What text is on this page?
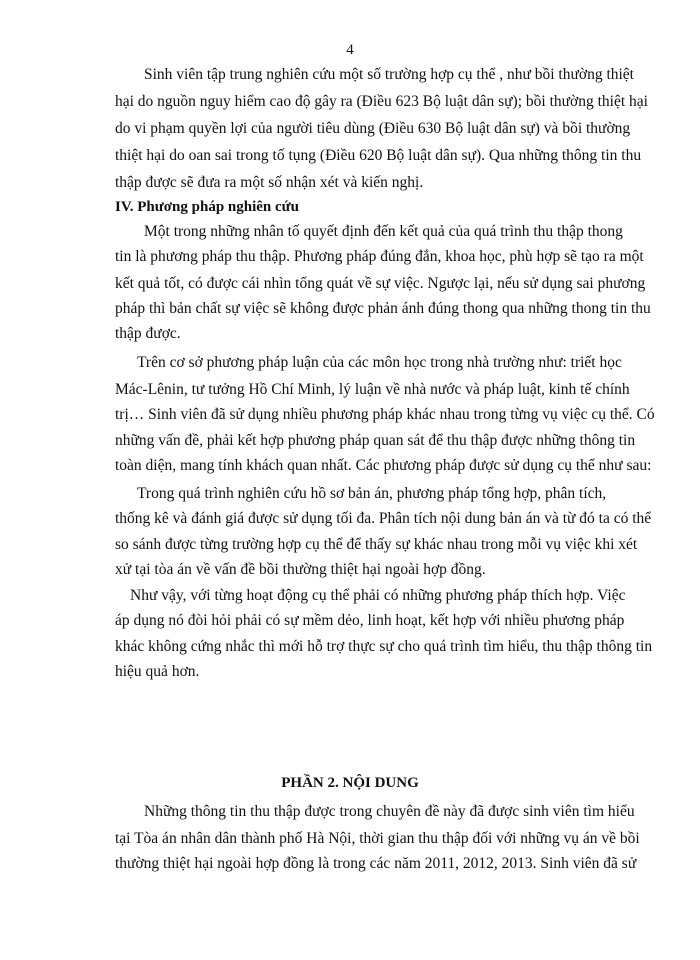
4
Sinh viên tập trung nghiên cứu một số trường hợp cụ thể , như bồi thường thiệt
hại do nguồn nguy hiểm cao độ gây ra (Điều 623 Bộ luật dân sự); bồi thường thiệt hại
do vi phạm quyền lợi của người tiêu dùng (Điều 630 Bộ luật dân sự) và bồi thường
thiệt hại do oan sai trong tố tụng (Điều 620 Bộ luật dân sự). Qua những thông tin thu
thập được sẽ đưa ra một số nhận xét và kiến nghị.
IV. Phương pháp nghiên cứu
Một trong những nhân tố quyết định đến kết quả của quá trình thu thập thong
tin là phương pháp thu thập. Phương pháp đúng đắn, khoa học, phù hợp sẽ tạo ra một
kết quả tốt, có được cái nhìn tổng quát về sự việc. Ngược lại, nếu sử dụng sai phương
pháp thì bản chất sự việc sẽ không được phản ánh đúng thong qua những thong tin thu
thập được.
Trên cơ sở phương pháp luận của các môn học trong nhà trường như: triết học
Mác-Lênin, tư tưởng Hồ Chí Minh, lý luận về nhà nước và pháp luật, kinh tế chính
trị… Sinh viên đã sử dụng nhiều phương pháp khác nhau trong từng vụ việc cụ thể. Có
những vấn đề, phải kết hợp phương pháp quan sát để thu thập được những thông tin
toàn diện, mang tính khách quan nhất. Các phương pháp được sử dụng cụ thể như sau:
Trong quá trình nghiên cứu hồ sơ bản án, phương pháp tổng hợp, phân tích,
thống kê và đánh giá được sử dụng tối đa. Phân tích nội dung bản án và từ đó ta có thể
so sánh được từng trường hợp cụ thể để thấy sự khác nhau trong mỗi vụ việc khi xét
xử tại tòa án về vấn đề bồi thường thiệt hại ngoài hợp đồng.
Như vậy, với từng hoạt động cụ thể phải có những phương pháp thích hợp. Việc
áp dụng nó đòi hỏi phải có sự mềm dẻo, linh hoạt, kết hợp với nhiều phương pháp
khác không cứng nhắc thì mới hỗ trợ thực sự cho quá trình tìm hiểu, thu thập thông tin
hiệu quả hơn.
PHẦN 2. NỘI DUNG
Những thông tin thu thập được trong chuyên đề này đã được sinh viên tìm hiểu
tại Tòa án nhân dân thành phố Hà Nội, thời gian thu thập đối với những vụ án về bồi
thường thiệt hại ngoài hợp đồng là trong các năm 2011, 2012, 2013. Sinh viên đã sử
